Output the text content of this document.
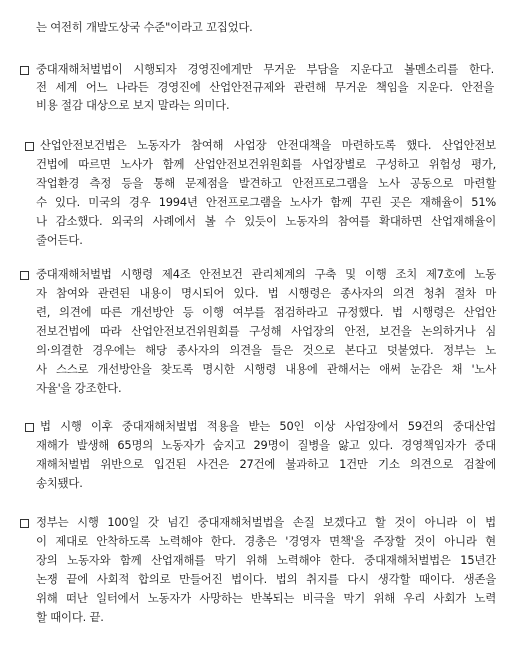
는 여전히 개발도상국 수준"이라고 꼬집었다.
중대재해처벌법이 시행되자 경영진에게만 무거운 부담을 지운다고 볼멘소리를 한다.
전 세계 어느 나라든 경영진에 산업안전규제와 관련해 무거운 책임을 지운다. 안전을
비용 절감 대상으로 보지 말라는 의미다.
산업안전보건법은 노동자가 참여해 사업장 안전대책을 마련하도록 했다. 산업안전보
건법에 따르면 노사가 함께 산업안전보건위원회를 사업장별로 구성하고 위험성 평가,
작업환경 측정 등을 통해 문제점을 발견하고 안전프로그램을 노사 공동으로 마련할
수 있다. 미국의 경우 1994년 안전프로그램을 노사가 함께 꾸린 곳은 재해율이 51%
나 감소했다. 외국의 사례에서 볼 수 있듯이 노동자의 참여를 확대하면 산업재해율이
줄어든다.
중대재해처벌법 시행령 제4조 안전보건 관리체계의 구축 및 이행 조치 제7호에 노동
자 참여와 관련된 내용이 명시되어 있다. 법 시행령은 종사자의 의견 청취 절차 마
련, 의견에 따른 개선방안 등 이행 여부를 점검하라고 규정했다. 법 시행령은 산업안
전보건법에 따라 산업안전보건위원회를 구성해 사업장의 안전, 보건을 논의하거나 심
의·의결한 경우에는 해당 종사자의 의견을 들은 것으로 본다고 덧붙였다. 정부는 노
사 스스로 개선방안을 찾도록 명시한 시행령 내용에 관해서는 애써 눈감은 채 '노사
자율'을 강조한다.
법 시행 이후 중대재해처벌법 적용을 받는 50인 이상 사업장에서 59건의 중대산업
재해가 발생해 65명의 노동자가 숨지고 29명이 질병을 앓고 있다. 경영책임자가 중대
재해처벌법 위반으로 입건된 사건은 27건에 불과하고 1건만 기소 의견으로 검찰에
송치됐다.
정부는 시행 100일 갓 넘긴 중대재해처벌법을 손질 보겠다고 할 것이 아니라 이 법
이 제대로 안착하도록 노력해야 한다. 경총은 '경영자 면책'을 주장할 것이 아니라 현
장의 노동자와 함께 산업재해를 막기 위해 노력해야 한다. 중대재해처벌법은 15년간
논쟁 끝에 사회적 합의로 만들어진 법이다. 법의 취지를 다시 생각할 때이다. 생존을
위해 떠난 일터에서 노동자가 사망하는 반복되는 비극을 막기 위해 우리 사회가 노력
할 때이다. 끝.
